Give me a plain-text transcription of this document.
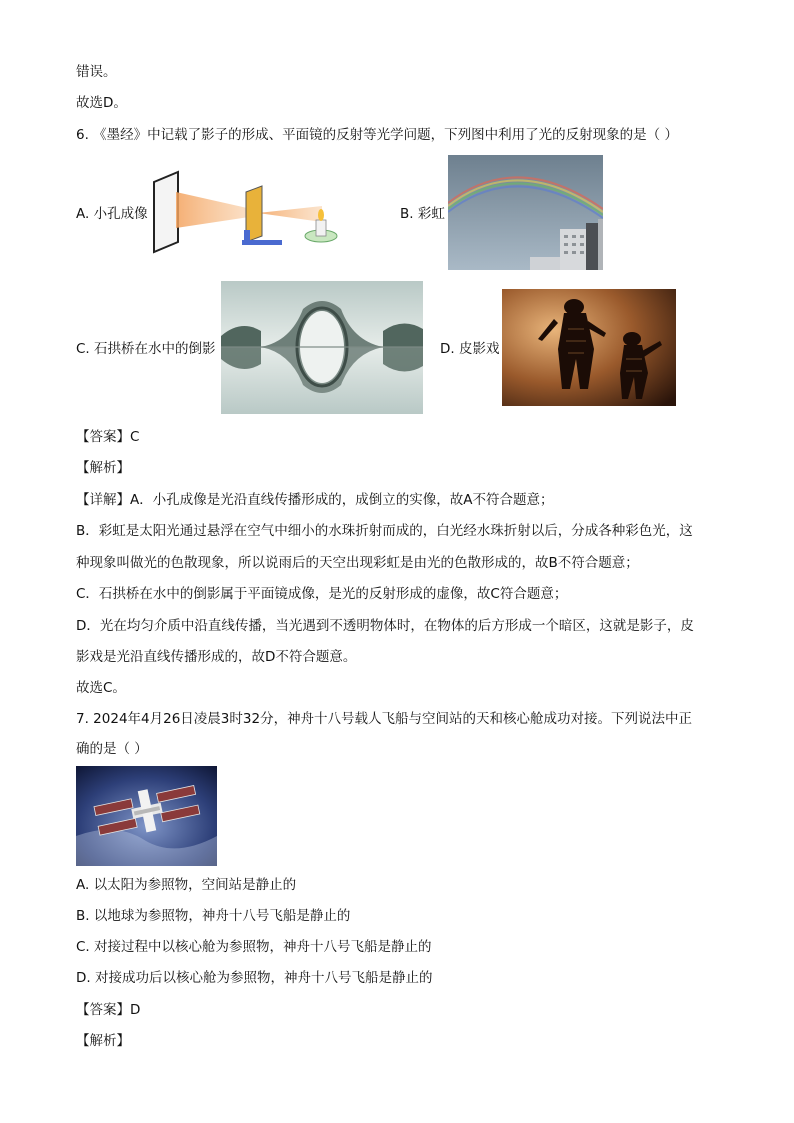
错误。
故选D。
6. 《墨经》中记载了影子的形成、平面镜的反射等光学问题，下列图中利用了光的反射现象的是（ ）
A. 小孔成像	B. 彩虹
C. 石拱桥在水中的倒影	D. 皮影戏
【答案】C
【解析】
【详解】A．小孔成像是光沿直线传播形成的，成倒立的实像，故A不符合题意；
B．彩虹是太阳光通过悬浮在空气中细小的水珠折射而成的，白光经水珠折射以后，分成各种彩色光，这
种现象叫做光的色散现象，所以说雨后的天空出现彩虹是由光的色散形成的，故B不符合题意；
C．石拱桥在水中的倒影属于平面镜成像，是光的反射形成的虚像，故C符合题意；
D．光在均匀介质中沿直线传播，当光遇到不透明物体时，在物体的后方形成一个暗区，这就是影子，皮
影戏是光沿直线传播形成的，故D不符合题意。
故选C。
7. 2024年4月26日凌晨3时32分，神舟十八号载人飞船与空间站的天和核心舱成功对接。下列说法中正
确的是（ ）
A. 以太阳为参照物，空间站是静止的
B. 以地球为参照物，神舟十八号飞船是静止的
C. 对接过程中以核心舱为参照物，神舟十八号飞船是静止的
D. 对接成功后以核心舱为参照物，神舟十八号飞船是静止的
【答案】D
【解析】
